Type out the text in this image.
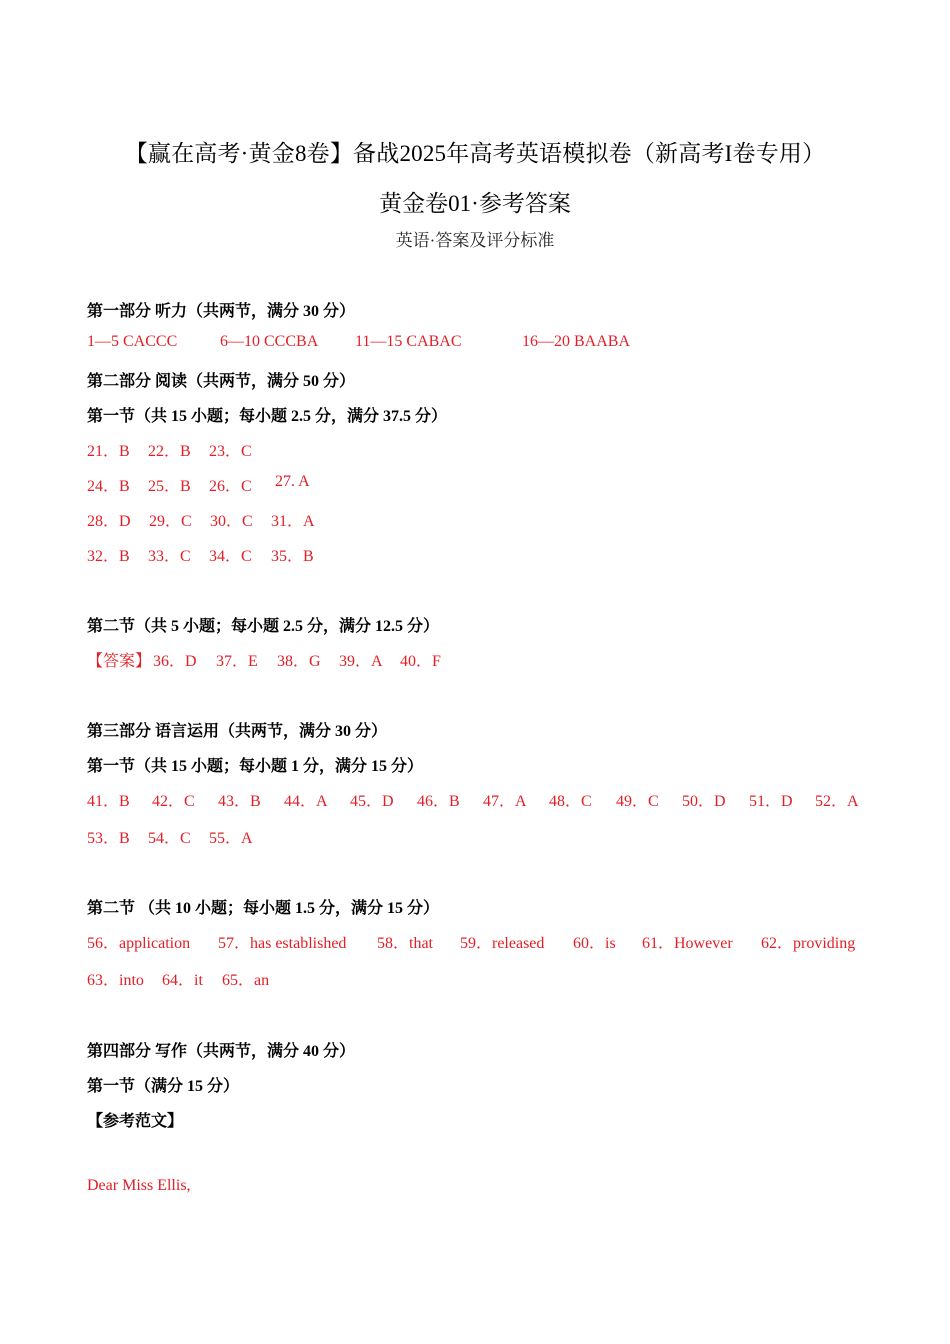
【赢在高考·黄金8卷】备战2025年高考英语模拟卷（新高考I卷专用）
黄金卷01·参考答案
英语·答案及评分标准
第一部分 听力（共两节，满分 30 分）
1—5 CACCC	6—10 CCCBA 11—15 CABAC	16—20 BAABA
第二部分 阅读（共两节，满分 50 分）
第一节（共 15 小题；每小题 2.5 分，满分 37.5 分）
21．B 22．B 23．C
24．B 25．B 26．C 27. A
28．D 29．C 30．C 31．A
32．B 33．C 34．C 35．B
第二节（共 5 小题；每小题 2.5 分，满分 12.5 分）
【答案】 36．D 37．E 38．G 39．A 40．F
第三部分 语言运用（共两节，满分 30 分）
第一节（共 15 小题；每小题 1 分，满分 15 分）
41．B 42．C 43．B 44．A 45．D 46．B 47．A 48．C 49．C 50．D 51．D 52．A
53．B 54．C 55．A
第二节 （共 10 小题；每小题 1.5 分，满分 15 分）
56．application 57．has established 58．that 59．released 60．is 61．However 62．providing
63．into 64．it 65．an
第四部分 写作（共两节，满分 40 分）
第一节（满分 15 分）
【参考范文】
Dear Miss Ellis,
